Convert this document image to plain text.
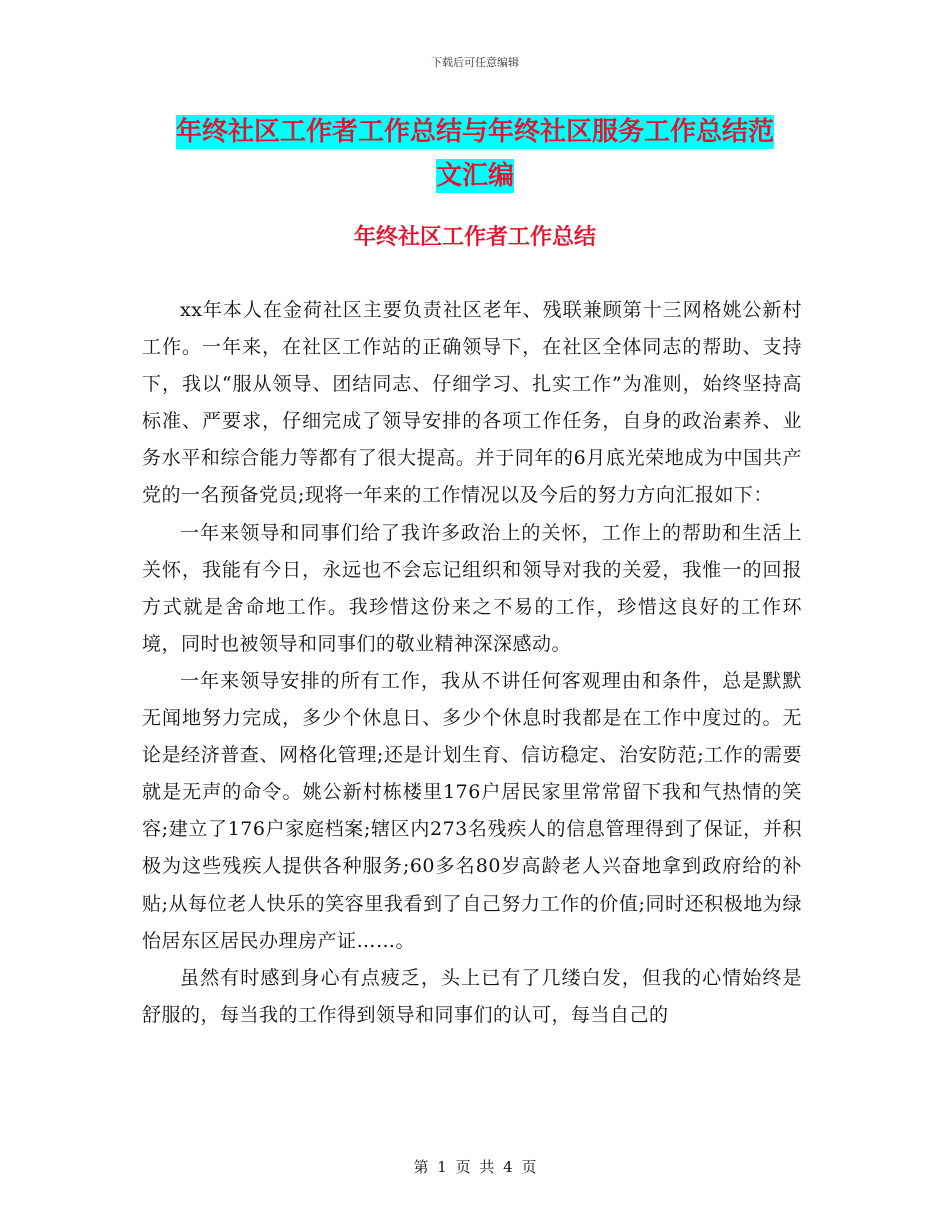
下载后可任意编辑
年终社区工作者工作总结与年终社区服务工作总结范
文汇编
年终社区工作者工作总结

xx年本人在金荷社区主要负责社区老年、残联兼顾第十三网格姚公新村工作。一年来，在社区工作站的正确领导下，在社区全体同志的帮助、支持下，我以“服从领导、团结同志、仔细学习、扎实工作”为准则，始终坚持高标准、严要求，仔细完成了领导安排的各项工作任务，自身的政治素养、业务水平和综合能力等都有了很大提高。并于同年的6月底光荣地成为中国共产党的一名预备党员;现将一年来的工作情况以及今后的努力方向汇报如下：

一年来领导和同事们给了我许多政治上的关怀，工作上的帮助和生活上关怀，我能有今日，永远也不会忘记组织和领导对我的关爱，我惟一的回报方式就是舍命地工作。我珍惜这份来之不易的工作，珍惜这良好的工作环境，同时也被领导和同事们的敬业精神深深感动。

一年来领导安排的所有工作，我从不讲任何客观理由和条件，总是默默无闻地努力完成，多少个休息日、多少个休息时我都是在工作中度过的。无论是经济普查、网格化管理;还是计划生育、信访稳定、治安防范;工作的需要就是无声的命令。姚公新村栋楼里176户居民家里常常留下我和气热情的笑容;建立了176户家庭档案;辖区内273名残疾人的信息管理得到了保证，并积极为这些残疾人提供各种服务;60多名80岁高龄老人兴奋地拿到政府给的补贴;从每位老人快乐的笑容里我看到了自己努力工作的价值;同时还积极地为绿怡居东区居民办理房产证……。

虽然有时感到身心有点疲乏，头上已有了几缕白发，但我的心情始终是舒服的，每当我的工作得到领导和同事们的认可，每当自己的

第 1 页 共 4 页
